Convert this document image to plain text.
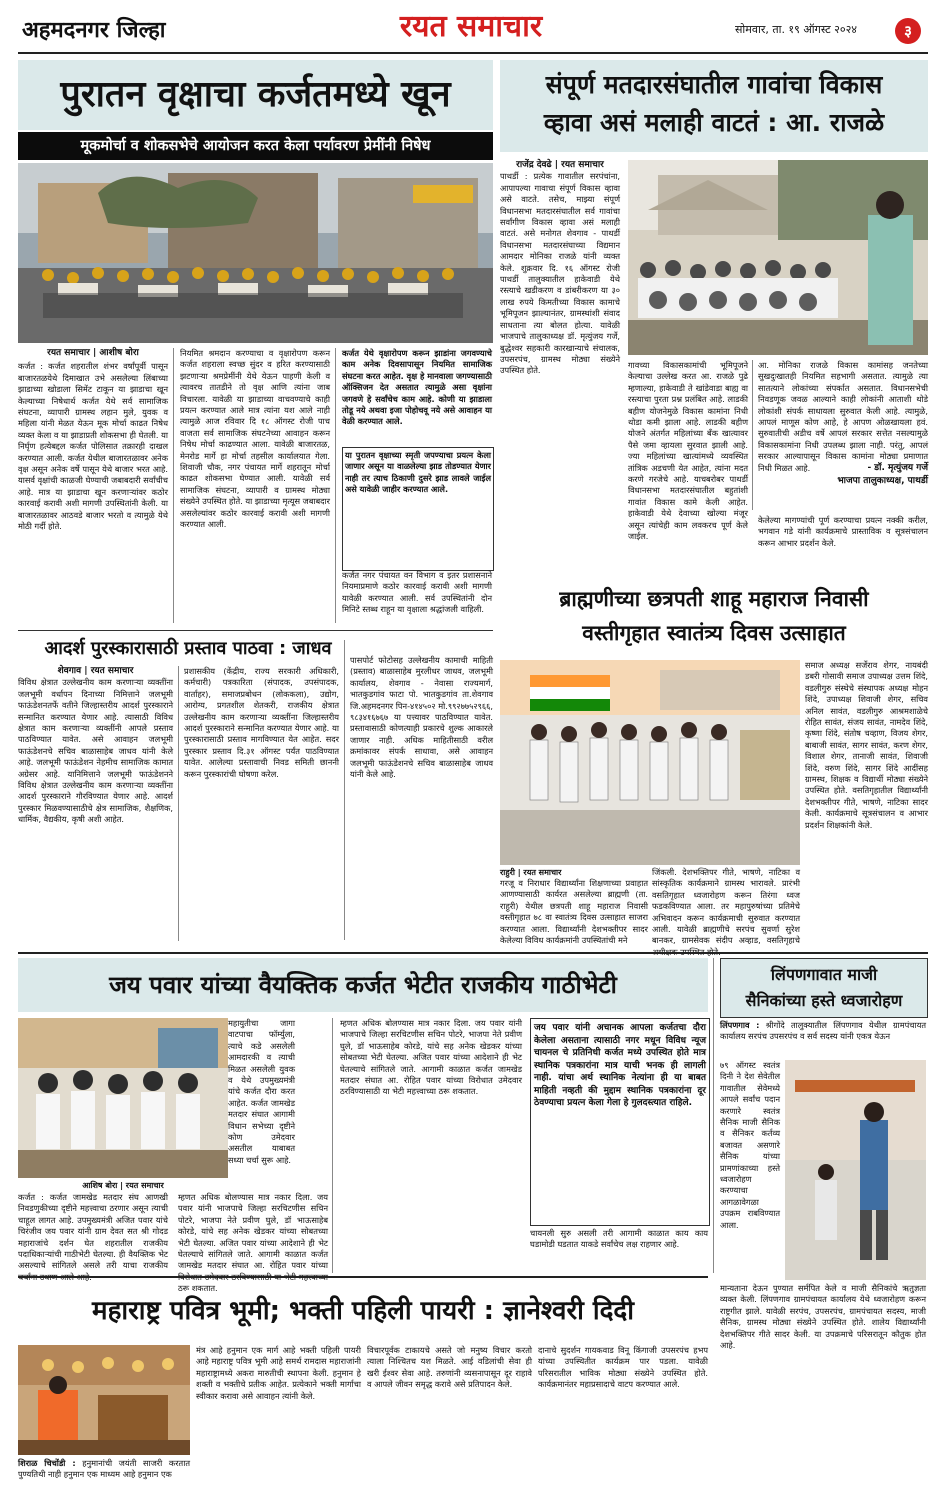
अहमदनगर जिल्हा	रयत समाचार	सोमवार, ता. १९ ऑगस्ट २०२४	३
पुरातन वृक्षाचा कर्जतमध्ये खून
मूकमोर्चा व शोकसभेचे आयोजन करत केला पर्यावरण प्रेमींनी निषेध
रयत समाचार | आशीष बोरा
कर्जत : कर्जत शहरातील शंभर वर्षांपूर्वी पासून बाजारतळयेथे दिमाखात उभे असलेल्या लिंबाच्या झाडाच्या खोडाला सिमेंट टाकून या झाडाचा खून केल्याच्या निषेधार्थ कर्जत येथे सर्व सामाजिक संघटना, व्यापारी ग्रामस्थ लहान मुले, युवक व महिला यांनी मेळत येऊन मूक मोर्चा काढत निषेध व्यक्त केला व या झाडाप्रती शोकसभा ही घेतली. या निर्घृण हत्येबद्दल कर्जत पोलिसात तक्रारही दाखल करण्यात आली. कर्जत येथील बाजारतळावर अनेक वृक्ष असून अनेक वर्षे पासून येथे बाजार भरत आहे. यासर्व वृक्षांची काळजी घेण्याची जबाबदारी सर्वांचीच आहे. मात्र या झाडाचा खून करणाऱ्यांवर कठोर कारवाई करावी अशी मागणी उपस्थितांनी केली. या बाजारतळावर आठवडे बाजार भरतो व त्यामुळे येथे मोठी गर्दी होते.
नियमित श्रमदान करण्याचा व वृक्षारोपण करून कर्जत शहराला स्वच्छ सुंदर व हरित करण्यासाठी झटणाऱ्या श्रमप्रेमींनी येथे येऊन पाहणी केली व त्यावरच तातडीने तो वृक्ष आणि त्यांना जाब विचारला. यावेळी या झाडाच्या वाचवण्याचे काही प्रयत्न करण्यात आले मात्र त्यांना यश आले नाही त्यामुळे आज रविवार दि १८ ऑगस्ट रोजी पाच वाजता सर्व सामाजिक संघटनेच्या आवाहन करून निषेध मोर्चा काढण्यात आला. यावेळी बाजारतळ, मेनरोड मार्गे हा मोर्चा तहसील कार्यालयात गेला. शिवाजी चौक, नगर पंचायत मार्गे शहरातून मोर्चा काढत शोकसभा घेण्यात आली. यावेळी सर्व सामाजिक संघटना, व्यापारी व ग्रामस्थ मोठ्या संख्येने उपस्थित होते. या झाडाच्या मृत्यूस जबाबदार असलेल्यांवर कठोर कारवाई करावी अशी मागणी करण्यात आली.
कर्जत येथे वृक्षारोपण करून झाडांना जगवण्याचे काम अनेक दिवसापासून नियमित सामाजिक संघटना करत आहेत. वृक्ष हे मानवाला जगण्यासाठी ऑक्सिजन देत असतात त्यामुळे असा वृक्षांना जगवणे हे सर्वांचेच काम आहे. कोणी या झाडाला तोडू नये अथवा इजा पोहोचवू नये असे आवाहन या वेळी करण्यात आले.
या पुरातन वृक्षाच्या स्मृती जपण्याचा प्रयत्न केला जाणार असून या वाळलेल्या झाड तोडण्यात येणार नाही तर त्याच ठिकाणी दुसरे झाड लावले जाईल असे यावेळी जाहीर करण्यात आले.
कर्जत नगर पंचायत वन विभाग व इतर प्रशासनाने नियमाप्रमाणे कठोर कारवाई करावी अशी मागणी यावेळी करण्यात आली. सर्व उपस्थितांनी दोन मिनिटे स्तब्ध राहून या वृक्षाला श्रद्धांजली वाहिली.
संपूर्ण मतदारसंघातील गावांचा विकास
व्हावा असं मलाही वाटतं : आ. राजळे
राजेंद्र देवढे | रयत समाचार
पाथर्डी : प्रत्येक गावातील सरपंचांना, आपापल्या गावाचा संपूर्ण विकास व्हावा असे वाटते. तसेच, माझ्या संपूर्ण विधानसभा मतदारसंघातील सर्व गावांचा सर्वांगीण विकास व्हावा असं मलाही वाटतं. असे मनोगत शेवगाव - पाथर्डी विधानसभा मतदारसंघाच्या विद्यमान आमदार मोनिका राजळे यांनी व्यक्त केले. शुक्रवार दि. १६ ऑगस्ट रोजी पाथर्डी तालुक्यातील हाकेवाडी येथे रस्त्याचे खडीकरण व डांबरीकरण या ३० लाख रुपये किमतीच्या विकास कामाचे भूमिपूजन झाल्यानंतर, ग्रामस्थांशी संवाद साधताना त्या बोलत होत्या. यावेळी भाजपाचे तालुकाध्यक्ष डॉ. मृत्युंजय गर्जे, बुद्धेश्वर सहकारी कारखान्याचे संचालक, उपसरपंच, ग्रामस्थ मोठ्या संख्येने उपस्थित होते.
गावच्या विकासकामांची भूमिपूजने केल्याचा उल्लेख करत आ. राजळे पुढे म्हणाल्या, हाकेवाडी ते खांडेवाडा बाह्य वा रस्त्याचा पुरता प्रश्न प्रलंबित आहे. लाडकी बहीण योजनेमुळे विकास कामांना निधी थोडा कमी झाला आहे. लाडकी बहीण योजने अंतर्गत महिलांच्या बँक खात्यावर पैसे जमा व्हायला सुरवात झाली आहे. ज्या महिलांच्या खात्यांमध्ये व्यवस्थित तांत्रिक अडचणी येत आहेत, त्यांना मदत करणे गरजेचे आहे. याचबरोबर पाथर्डी विधानसभा मतदारसंघातील बहुतांशी गावांत विकास कामे केली आहेत. हाकेवाडी येथे देवाच्या खोल्या मंजूर असून त्यांचेही काम लवकरच पूर्ण केले जाईल.
आ. मोनिका राजळे विकास कामांसह जनतेच्या सुखदुःखातही नियमित सहभागी असतात. त्यामुळे त्या सातत्याने लोकांच्या संपर्कात असतात. विधानसभेची निवडणूक जवळ आल्याने काही लोकांनी आताशी थोडे लोकांशी संपर्क साधायला सुरुवात केली आहे. त्यामुळे, आपलं माणूस कोण आहे, हे आपण ओळखायला हवं. सुरुवातीची अडीच वर्षे आपलं सरकार सत्तेत नसल्यामुळे विकासकामांना निधी उपलब्ध झाला नाही. परंतु, आपलं सरकार आल्यापासून विकास कामांना मोठ्या प्रमाणात निधी मिळत आहे.	- डॉ. मृत्युंजय गर्जे
भाजपा तालुकाध्यक्ष, पाथर्डी
केलेल्या मागण्यांची पूर्ण करण्याचा प्रयत्न नक्की करील, भगवान गडे यांनी कार्यक्रमाचे प्रास्ताविक व सूत्रसंचालन करून आभार प्रदर्शन केले.
ब्राह्मणीच्या छत्रपती शाहू महाराज निवासी
वस्तीगृहात स्वातंत्र्य दिवस उत्साहात
राहुरी | रयत समाचार
समाज अध्यक्ष सर्जेराव शेगर, नायबंदी डबरी गोसावी समाज उपाध्यक्ष उत्तम शिंदे, वडलीगुरु संस्थेचे संस्थापक अध्यक्ष मोहन शिंदे, उपाध्यक्ष शिवाजी शेगर, सचिव अनिल सावंत, वडलीगुरु आश्रमशाळेचे रोहित सावंत, संजय सावंत, नामदेव शिंदे, कृष्णा शिंदे, संतोष चव्हाण, विजय शेगर, बाबाजी सावंत, सागर सावंत, करण शेगर, विशाल शेगर, तानाजी सावंत, शिवाजी शिंदे, वरुण शिंदे, सागर शिंदे आदींसह ग्रामस्थ, शिक्षक व विद्यार्थी मोठ्या संख्येने उपस्थित होते. वसतिगृहातील विद्यार्थ्यांनी देशभक्तीपर गीते, भाषणे, नाटिका सादर केली. कार्यक्रमाचे सूत्रसंचालन व आभार प्रदर्शन शिक्षकांनी केले.
गरजू व निराधार विद्यार्थ्यांना शिक्षणाच्या प्रवाहात आणण्यासाठी कार्यरत असलेल्या ब्राह्मणी (ता. राहुरी) येथील छत्रपती शाहू महाराज निवासी वस्तीगृहात ७८ वा स्वातंत्र्य दिवस उत्साहात साजरा करण्यात आला. विद्यार्थ्यांनी देशभक्तीपर सादर केलेल्या विविध कार्यक्रमांनी उपस्थितांची मने
जिंकली. देशभक्तिपर गीते, भाषणे, नाटिका व सांस्कृतिक कार्यक्रमाने ग्रामस्थ भारावले. प्रारंभी वसतिगृहात ध्वजारोहण करून तिरंगा ध्वज फडकविण्यात आला. तर महापुरुषांच्या प्रतिमेचे अभिवादन करून कार्यक्रमाची सुरुवात करण्यात आली. यावेळी ब्राह्मणीचे सरपंच सुवर्णा सुरेश बानकर, ग्रामसेवक संदीप अव्हाड, वसतिगृहाचे
आदर्श पुरस्कारासाठी प्रस्ताव पाठवा : जाधव
शेवगाव | रयत समाचार
विविध क्षेत्रात उल्लेखनीय काम करणाऱ्या व्यक्तींना जलभूमी वर्धापन दिनाच्या निमित्ताने जलभूमी फाऊंडेशनतर्फे वतीने जिल्हास्तरीय आदर्श पुरस्काराने सन्मानित करण्यात येणार आहे. त्यासाठी विविध क्षेत्रात काम करणाऱ्या व्यक्तींनी आपले प्रस्ताव पाठविण्यात यावेत. असे आवाहन जलभूमी फाऊंडेशनचे सचिव बाळासाहेब जाधव यांनी केले आहे. जलभूमी फाऊंडेशन नेहमीच सामाजिक कामात अग्रेसर आहे. यानिमित्ताने जलभूमी फाऊंडेशनने विविध क्षेत्रात उल्लेखनीय काम करणाऱ्या व्यक्तींना आदर्श पुरस्काराने गौरविण्यात येणार आहे. आदर्श पुरस्कार मिळवण्यासाठीचे क्षेत्र सामाजिक, शैक्षणिक, धार्मिक, वैद्यकीय, कृषी अशी आहेत.
प्रशासकीय (केंद्रीय, राज्य सरकारी अधिकारी, कर्मचारी) पत्रकारिता (संपादक, उपसंपादक, वार्ताहर), समाजप्रबोधन (लोककला), उद्योग, आरोग्य, प्रगतशील शेतकरी, राजकीय क्षेत्रात उल्लेखनीय काम करणाऱ्या व्यक्तींना जिल्हास्तरीय आदर्श पुरस्काराने सन्मानित करण्यात येणार आहे. या पुरस्कारासाठी प्रस्ताव मागविण्यात येत आहेत. सदर पुरस्कार प्रस्ताव दि.३१ ऑगस्ट पर्यंत पाठविण्यात यावेत. आलेल्या प्रस्तावाची निवड समिती छाननी करून पुरस्कारांची घोषणा करेल.
पासपोर्ट फोटोसह उल्लेखनीय कामाची माहिती (प्रस्ताव) बाळासाहेब मुरलीधर जाधव, जलभूमी कार्यालय, शेवगाव - नेवासा राज्यमार्ग, भातकुडगांव फाटा पो. भातकुडगांव ता.शेवगाव जि.अहमदनगर पिन-४१४५०२ मो.९९२७७५२९६६, ९८३४१६७६७ या पत्त्यावर पाठविण्यात यावेत. प्रस्तावासाठी कोणत्याही प्रकारचे शुल्क आकारले जाणार नाही. अधिक माहितीसाठी वरील क्रमांकावर संपर्क साधावा, असे आवाहन जलभूमी फाऊंडेशनचे सचिव बाळासाहेब जाधव यांनी केले आहे.
जय पवार यांच्या वैयक्तिक कर्जत भेटीत राजकीय गाठीभेटी
आशिष बोरा | रयत समाचार
महायुतीचा जागा वाटपाचा फॉर्म्युला, त्याचे कडे असलेली आमदारकी व त्याची मिळत असलेली युवक व येथे उपमुख्यमंत्री यांचे कर्जत दौरा करत आहेत. कर्जत जामखेड मतदार संघात आगामी विधान सभेच्या दृष्टीने कोण उमेदवार असतील याबाबत सध्या चर्चा सुरू आहे.
कर्जत : कर्जत जामखेड मतदार संघ आणखी निवडणुकीच्या दृष्टीने महत्त्वाचा ठरणार असून त्याची चाहूल लागत आहे. उपमुख्यमंत्री अजित पवार यांचे चिरंजीव जय पवार यांनी ग्राम देवत सत श्री गोदड महाराजांचे दर्शन घेत शहरातील राजकीय पदाधिकाऱ्यांची गाठीभेटी घेतल्या. ही वैयक्तिक भेट असल्याचे सांगितले असले तरी याचा राजकीय
म्हणत अधिक बोलण्यास मात्र नकार दिला. जय पवार यांनी भाजपाचे जिल्हा सरचिटणीस सचिन पोटरे, भाजपा नेते प्रवीण घुले, डॉ भाऊसाहेब कोरडे, यांचे सह अनेक खेडकर यांच्या सोबतच्या भेटी घेतल्या. अजित पवार यांच्या आदेशाने ही भेट घेतल्याचे सांगितले जाते. आगामी काळात कर्जत जामखेड मतदार संघात आ. रोहित पवार यांच्या ठरू शकतात.
म्हणत अधिक बोलण्यास मात्र नकार दिला. जय पवार यांनी भाजपाचे जिल्हा सरचिटणीस सचिन पोटरे, भाजपा नेते प्रवीण घुले, डॉ भाऊसाहेब कोरडे, यांचे सह अनेक खेडकर यांच्या सोबतच्या भेटी घेतल्या. अजित पवार यांच्या आदेशाने ही भेट घेतल्याचे सांगितले जाते. आगामी काळात कर्जत जामखेड मतदार संघात आ. रोहित पवार यांच्या विरोधात उमेदवार ठरविण्यासाठी या भेटी महत्त्वाच्या ठरू शकतात.
जय पवार यांनी अचानक आपला कर्जतचा दौरा केलेला असताना त्यासाठी नगर मधून विविध न्यूज चायनल चे प्रतिनिधी कर्जत मध्ये उपस्थित होते मात्र स्थानिक पत्रकारांना मात्र याची भनक ही लागली नाही. यांचा अर्थ स्थानिक नेत्यांना ही या बाबत माहिती नव्हती की मुद्दाम स्थानिक पत्रकारांना दूर ठेवण्याचा प्रयत्न केला गेला हे गुलदस्त्यात राहिले.
चायनली सुरु असली तरी आगामी काळात काय काय घडामोडी घडतात याकडे सर्वांचेच लक्ष राहणार आहे.
लिंपणगावात माजी
सैनिकांच्या हस्ते ध्वजारोहण
लिंपणगाव : श्रीगोंदे तालुक्यातील लिंपणगाव येथील ग्रामपंचायत कार्यालय सरपंच उपसरपंच व सर्व सदस्य यांनी एकत्र येऊन
७९ ऑगस्ट स्वतंत्र दिनी ने देश सेवेतील गावातील सेवेमध्ये आपले सर्वांच पदान करणारे स्वतंत्र सैनिक माजी सैनिक व सैनिकर कर्तव्य बजावत असणारे सैनिक यांच्या प्रामणांकाच्या हस्ते ध्वजारोहण करण्याचा आगळावेगळा उपक्रम राबविण्यात आला.
मान्यताना देऊन पुण्यात सर्मपित केले व माजी सैनिकांचे ऋतुज्ञता व्यक्त केली. लिंपणगाव ग्रामपंचायत कार्यालय येथे ध्वजारोहण करून राष्ट्रगीत झाले. यावेळी सरपंच, उपसरपंच, ग्रामपंचायत सदस्य, माजी सैनिक, ग्रामस्थ मोठ्या संख्येने उपस्थित होते. शालेय विद्यार्थ्यांनी देशभक्तिपर गीते सादर केली. या उपक्रमाचे परिसरातून कौतुक होत आहे.
महाराष्ट्र पवित्र भूमी; भक्ती पहिली पायरी : ज्ञानेश्वरी दिदी
शिराळ चिचोंडी : हनुमानांची जयंती साजरी करतात पुण्यतिथी नाही हनुमान एक माध्यम आहे हनुमान एक
मंत्र आहे हनुमान एक मार्ग आहे भक्ती पहिली पायरी आहे महाराष्ट्र पवित्र भूमी आहे समर्थ रामदास महाराजांनी महाराष्ट्रामध्ये अकरा मारुतीची स्थापना केली. हनुमान हे शक्ती व भक्तीचे प्रतीक आहेत. प्रत्येकाने भक्ती मार्गाचा स्वीकार करावा असे आवाहन त्यांनी केले.
विचारपूर्वक टाकायचे असते जो मनुष्य विचार करतो त्याला निश्चितच यश मिळते. आई वडिलांची सेवा ही खरी ईश्वर सेवा आहे. तरुणांनी व्यसनापासून दूर राहावे व आपले जीवन समृद्ध करावे असे प्रतिपादन केले.
दानाचे सुदर्शन गायकवाड विनू किंगाजी उपसरपंच हभप यांच्या उपस्थितीत कार्यक्रम पार पडला. यावेळी परिसरातील भाविक मोठ्या संख्येने उपस्थित होते. कार्यक्रमानंतर महाप्रसादाचे वाटप करण्यात आले.
